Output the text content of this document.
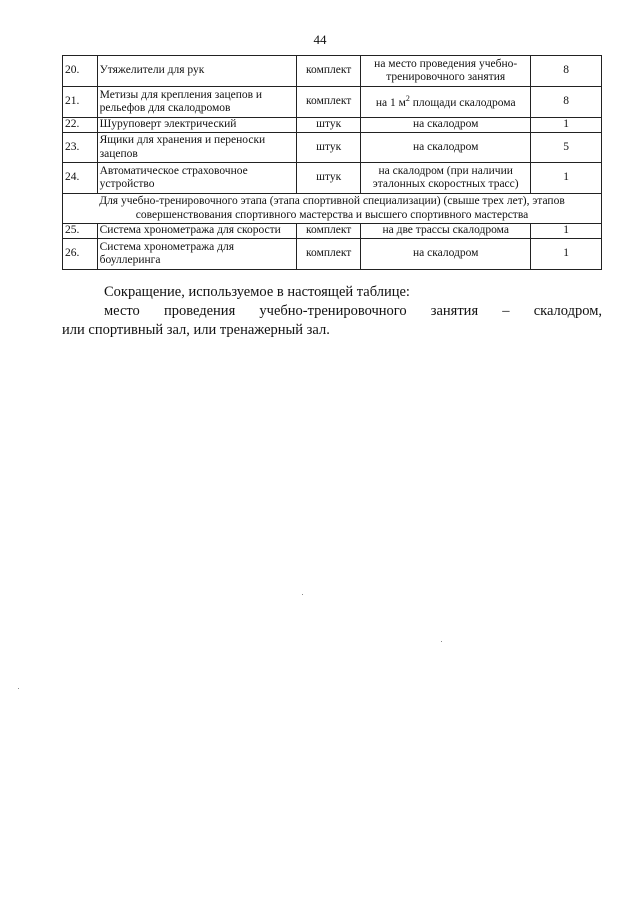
44
20.	Утяжелители для рук	комплект	на место проведения учебно-тренировочного занятия	8
21.	Метизы для крепления зацепов и рельефов для скалодромов	комплект	на 1 $м^2$ площади скалодрома	8
22.	Шуруповерт электрический	штук	на скалодром	1
23.	Ящики для хранения и переноски зацепов	штук	на скалодром	5
24.	Автоматическое страховочное устройство	штук	на скалодром (при наличии эталонных скоростных трасс)	1
Для учебно-тренировочного этапа (этапа спортивной специализации) (свыше трех лет), этапов совершенствования спортивного мастерства и высшего спортивного мастерства				
25.	Система хронометража для скорости	комплект	на две трассы скалодрома	1
26.	Система хронометража для боуллеринга	комплект	на скалодром	1

Сокращение, используемое в настоящей таблице:

место проведения учебно-тренировочного занятия – скалодром,

или спортивный зал, или тренажерный зал.
